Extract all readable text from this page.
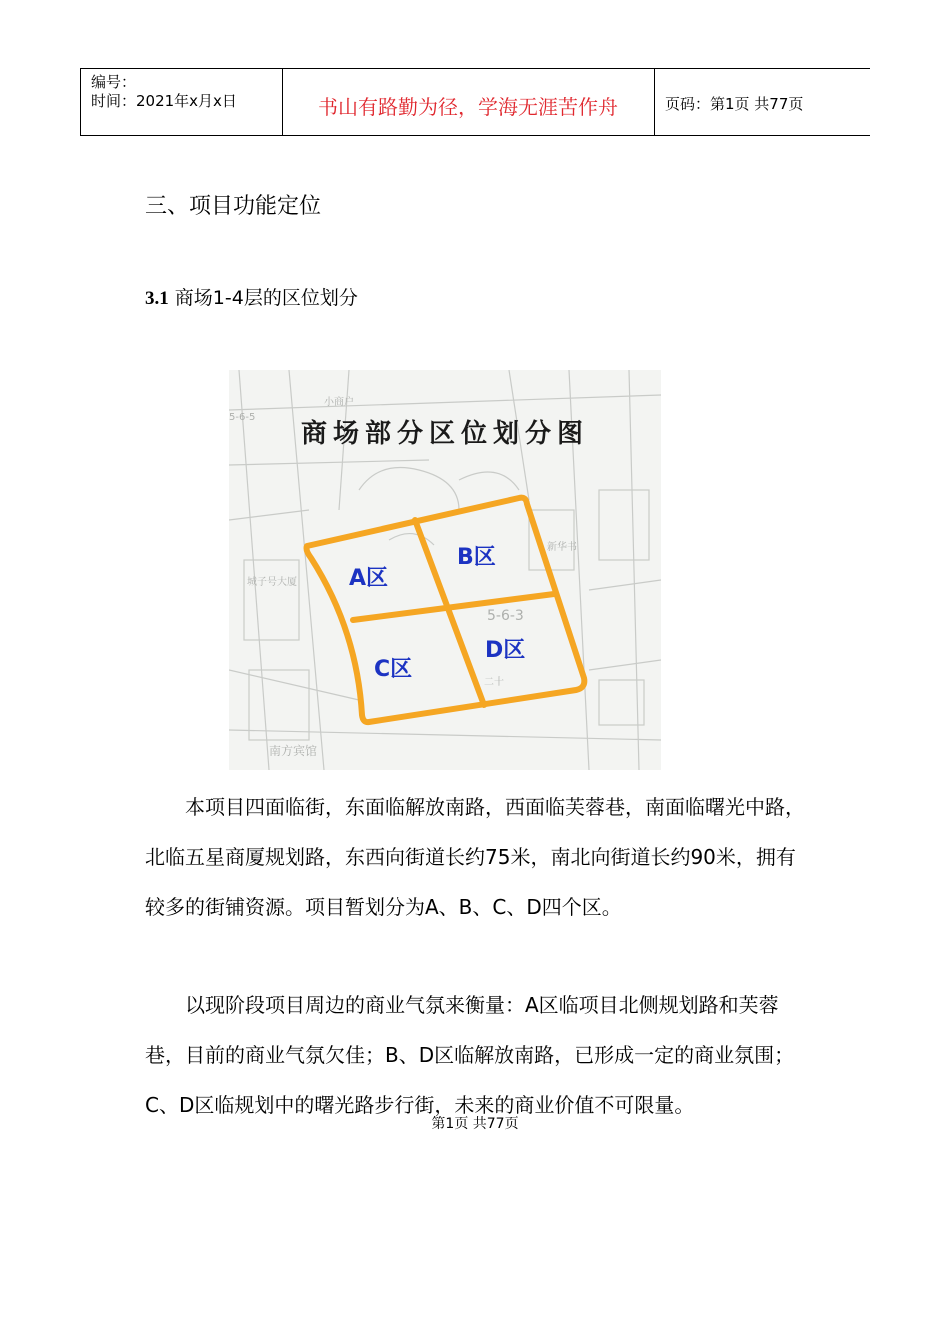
编号：
时间：2021年x月x日	书山有路勤为径，学海无涯苦作舟	页码：第1页 共77页
三、项目功能定位
3.1 商场1-4层的区位划分
5-6-5
5-6-3
小商户
新华书
二十
南方宾馆
城子号大厦
商场部分区位划分图
A区
B区
C区
D区

本项目四面临街，东面临解放南路，西面临芙蓉巷，南面临曙光中路，北临五星商厦规划路，东西向街道长约75米，南北向街道长约90米，拥有较多的街铺资源。项目暂划分为A、B、C、D四个区。

以现阶段项目周边的商业气氛来衡量：A区临项目北侧规划路和芙蓉巷，目前的商业气氛欠佳；B、D区临解放南路，已形成一定的商业氛围；C、D区临规划中的曙光路步行街，未来的商业价值不可限量。

第1页 共77页
